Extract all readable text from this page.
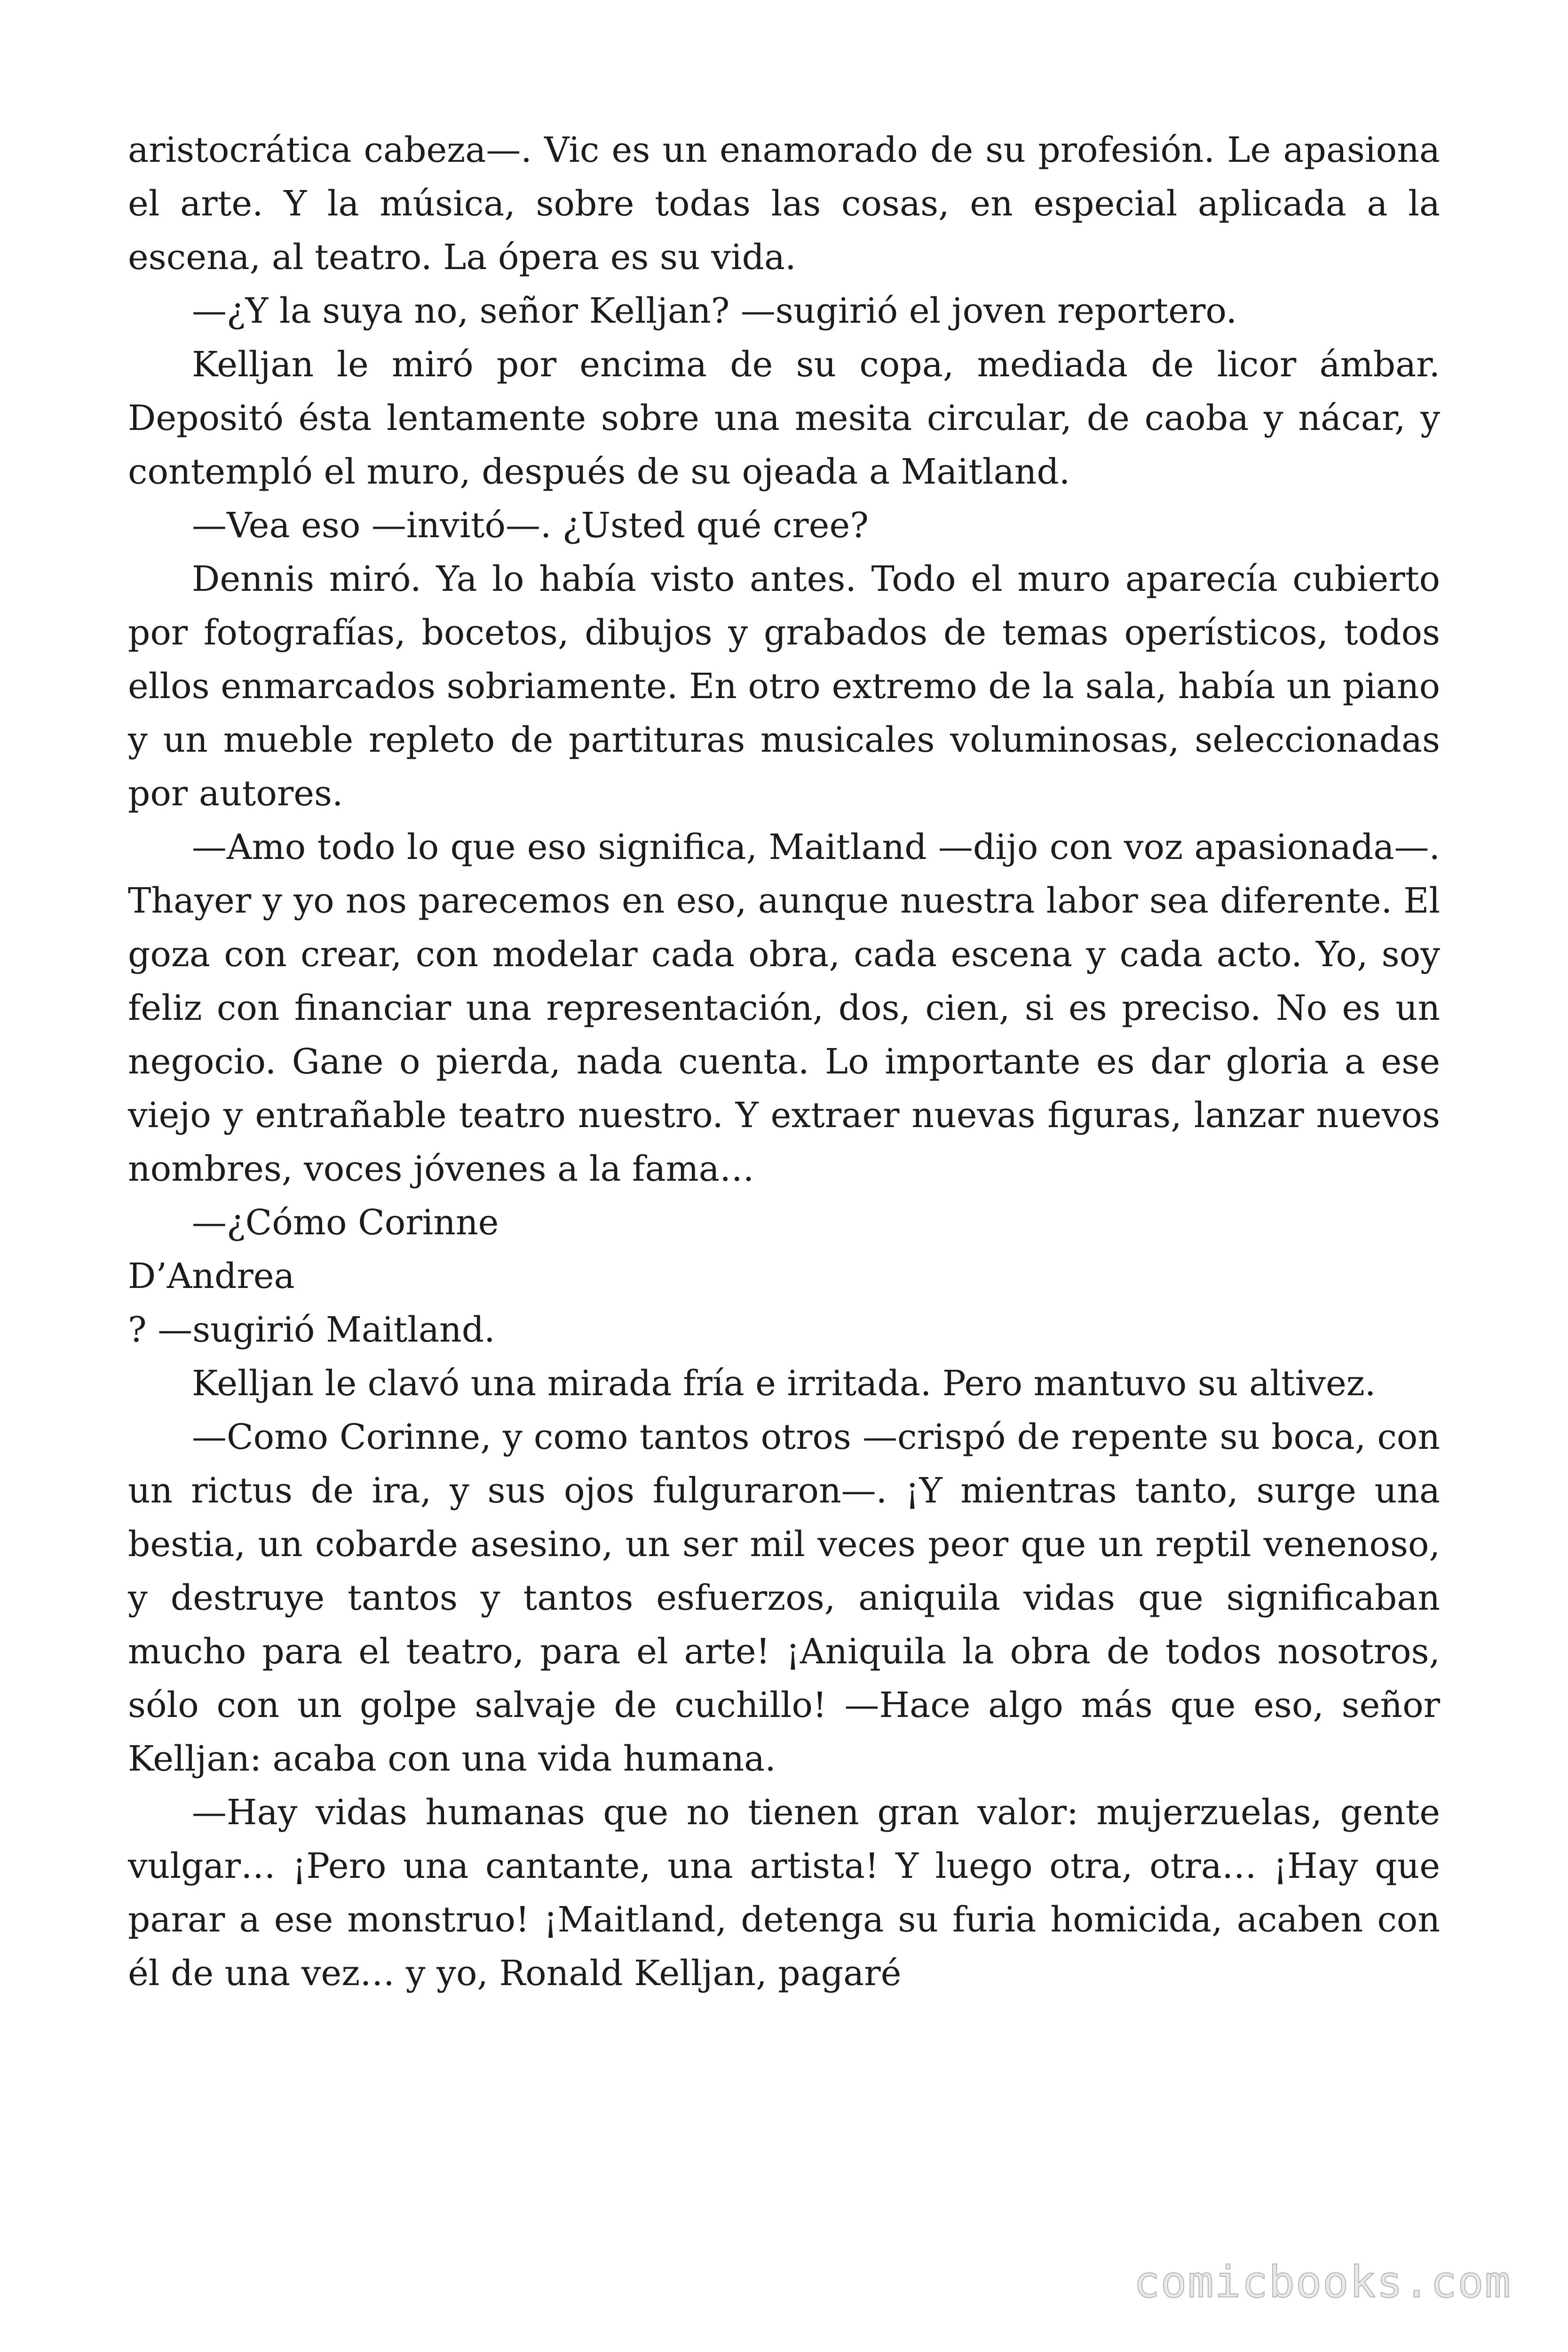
aristocrática cabeza—. Vic es un enamorado de su profesión. Le apasiona el arte. Y la música, sobre todas las cosas, en especial aplicada a la escena, al teatro. La ópera es su vida.

—¿Y la suya no, señor Kelljan? —sugirió el joven reportero.

Kelljan le miró por encima de su copa, mediada de licor ámbar. Depositó ésta lentamente sobre una mesita circular, de caoba y nácar, y contempló el muro, después de su ojeada a Maitland.

—Vea eso —invitó—. ¿Usted qué cree?

Dennis miró. Ya lo había visto antes. Todo el muro aparecía cubierto por fotografías, bocetos, dibujos y grabados de temas operísticos, todos ellos enmarcados sobriamente. En otro extremo de la sala, había un piano y un mueble repleto de partituras musicales voluminosas, seleccionadas por autores.

—Amo todo lo que eso significa, Maitland —dijo con voz apasionada—. Thayer y yo nos parecemos en eso, aunque nuestra labor sea diferente. El goza con crear, con modelar cada obra, cada escena y cada acto. Yo, soy feliz con financiar una representación, dos, cien, si es preciso. No es un negocio. Gane o pierda, nada cuenta. Lo importante es dar gloria a ese viejo y entrañable teatro nuestro. Y extraer nuevas figuras, lanzar nuevos nombres, voces jóvenes a la fama…

—¿Cómo Corinne

D’Andrea

? —sugirió Maitland.

Kelljan le clavó una mirada fría e irritada. Pero mantuvo su altivez.

—Como Corinne, y como tantos otros —crispó de repente su boca, con un rictus de ira, y sus ojos fulguraron—. ¡Y mientras tanto, surge una bestia, un cobarde asesino, un ser mil veces peor que un reptil venenoso, y destruye tantos y tantos esfuerzos, aniquila vidas que significaban mucho para el teatro, para el arte! ¡Aniquila la obra de todos nosotros, sólo con un golpe salvaje de cuchillo! —Hace algo más que eso, señor Kelljan: acaba con una vida humana.

—Hay vidas humanas que no tienen gran valor: mujerzuelas, gente vulgar… ¡Pero una cantante, una artista! Y luego otra, otra… ¡Hay que parar a ese monstruo! ¡Maitland, detenga su furia homicida, acaben con él de una vez… y yo, Ronald Kelljan, pagaré

comicbooks.com
